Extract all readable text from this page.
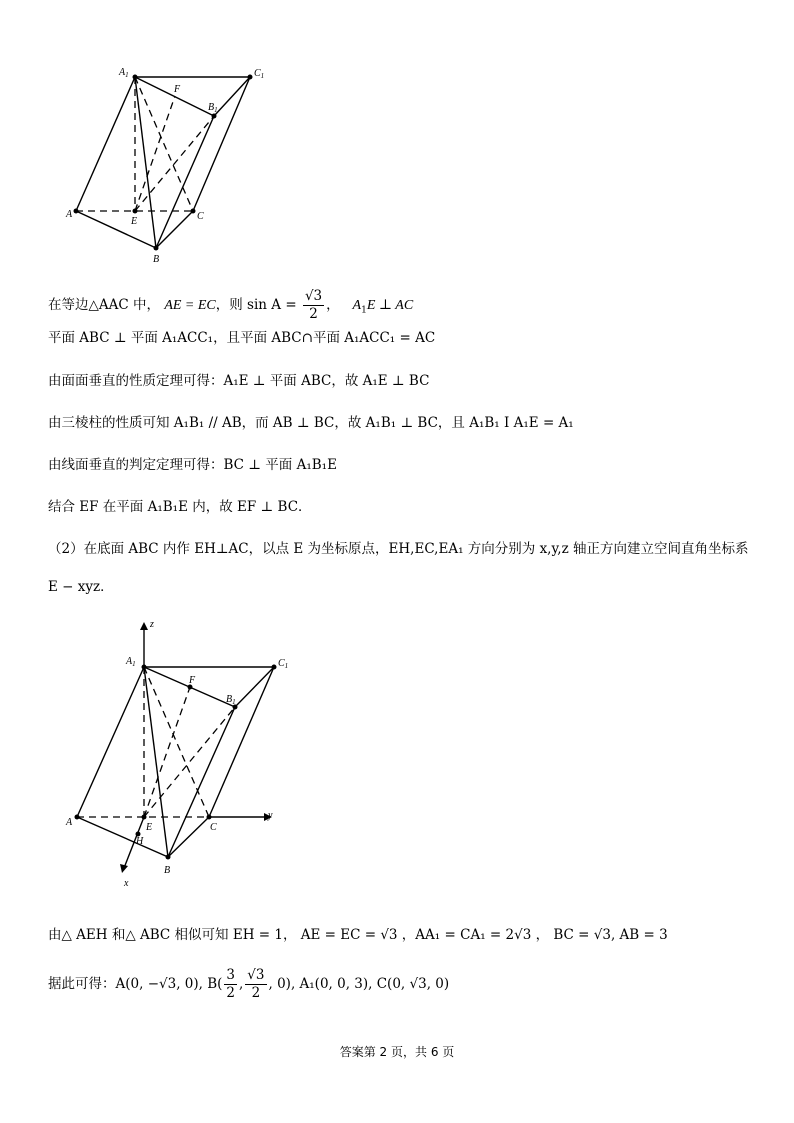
$A_1$	$C_1$
F
$B_1$
A
E	C
B
在等边△AAC 中， AE = EC，则 $\sin A = \frac{√3}{2}$ ， $A_1E$ ⊥ AC
平面 ABC ⊥ 平面 A₁ACC₁，且平面 ABC∩平面 A₁ACC₁ = AC
由面面垂直的性质定理可得：A₁E ⊥ 平面 ABC，故 A₁E ⊥ BC
由三棱柱的性质可知 A₁B₁ // AB，而 AB ⊥ BC，故 A₁B₁ ⊥ BC，且 A₁B₁ I A₁E = A₁
由线面垂直的判定定理可得：BC ⊥ 平面 A₁B₁E
结合 EF 在平面 A₁B₁E 内，故 EF ⊥ BC．
（2）在底面 ABC 内作 EH⊥AC，以点 E 为坐标原点，EH,EC,EA₁ 方向分别为 x,y,z 轴正方向建立空间直角坐标系
E − xyz．
z
$A_1$	$C_1$
F
$B_1$
A	E	C
y
H
B
x
由△ AEH 和△ ABC 相似可知 EH = 1， AE = EC = √3 ，AA₁ = CA₁ = 2√3 ， BC = √3, AB = 3
据此可得：A(0, −√3, 0), $B( \frac{3}{2}$ , $\frac{√3}{2}$ , 0), A₁(0, 0, 3), C(0, √3, 0)
答案第 2 页，共 6 页
